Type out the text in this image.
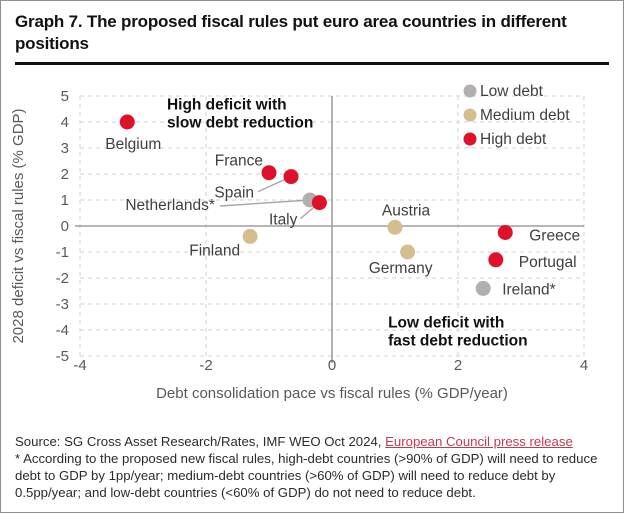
Graph 7. The proposed fiscal rules put euro area countries in different positions
Belgium
France
Spain
Netherlands*
Italy
Finland
Austria
Germany
Greece
Portugal
Ireland*
-4	-2	0	2	4
5
4
3
2
1
0
-1
-2
-3
-4
-5
Debt consolidation pace vs fiscal rules (% GDP/year)
2028 deficit vs fiscal rules (% GDP)
Low debt
Medium debt
High debt
High deficit with
slow debt reduction
Low deficit with
fast debt reduction

Source: SG Cross Asset Research/Rates, IMF WEO Oct 2024, European Council press release

* According to the proposed new fiscal rules, high-debt countries (>90% of GDP) will need to reduce debt to GDP by 1pp/year; medium-debt countries (>60% of GDP) will need to reduce debt by 0.5pp/year; and low-debt countries (<60% of GDP) do not need to reduce debt.
